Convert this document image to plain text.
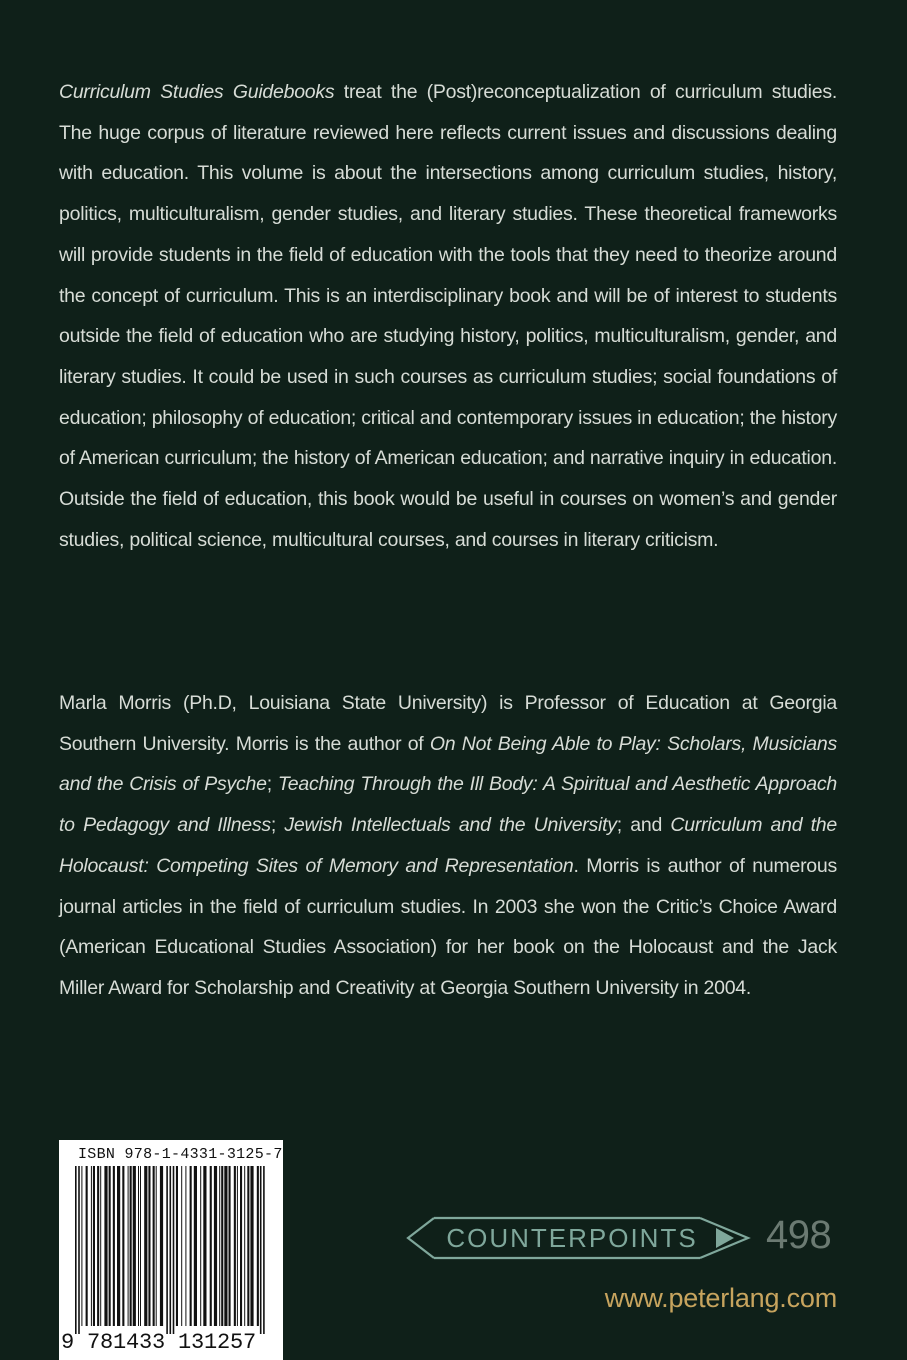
Curriculum Studies Guidebooks treat the (Post)reconceptualization of curriculum studies. The huge corpus of literature reviewed here reflects current issues and discussions dealing with education. This volume is about the intersections among curriculum studies, history, politics, multiculturalism, gender studies, and literary studies. These theoretical frameworks will provide students in the field of education with the tools that they need to theorize around the concept of curriculum. This is an interdisciplinary book and will be of interest to students outside the field of education who are studying history, politics, multiculturalism, gender, and literary studies. It could be used in such courses as curriculum studies; social foundations of education; philosophy of education; critical and contemporary issues in education; the history of American curriculum; the history of American education; and narrative inquiry in education. Outside the field of education, this book would be useful in courses on women’s and gender studies, political science, multicultural courses, and courses in literary criticism.

Marla Morris (Ph.D, Louisiana State University) is Professor of Education at Georgia Southern University. Morris is the author of On Not Being Able to Play: Scholars, Musicians and the Crisis of Psyche; Teaching Through the Ill Body: A Spiritual and Aesthetic Approach to Pedagogy and Illness; Jewish Intellectuals and the University; and Curriculum and the Holocaust: Competing Sites of Memory and Representation. Morris is author of numerous journal articles in the field of curriculum studies. In 2003 she won the Critic’s Choice Award (American Educational Studies Association) for her book on the Holocaust and the Jack Miller Award for Scholarship and Creativity at Georgia Southern University in 2004.

ISBN 978-1-4331-3125-7
9 781433 131257
COUNTERPOINTS 498
www.peterlang.com
